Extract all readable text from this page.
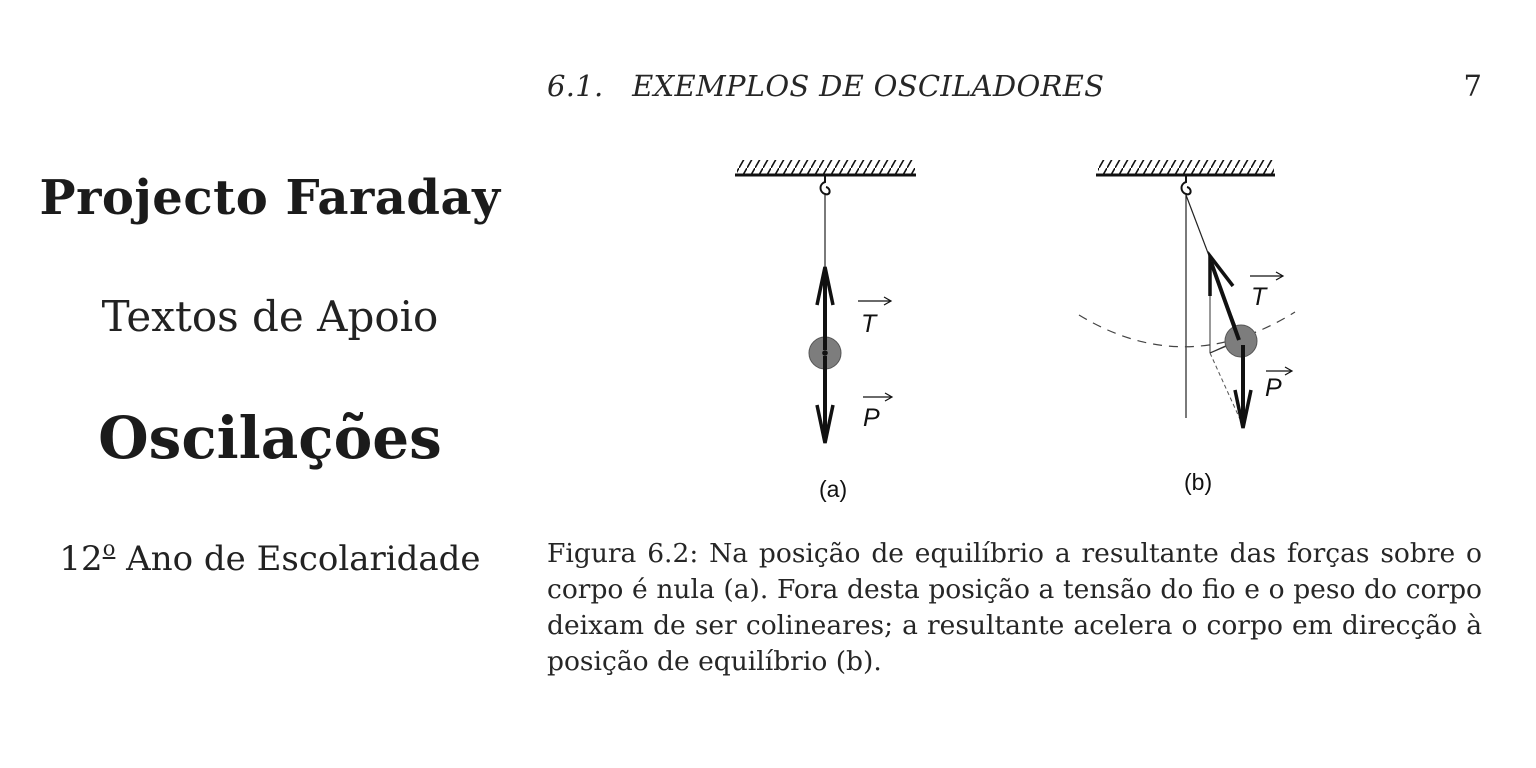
Projecto Faraday
Textos de Apoio
Oscilações
12$^o$ Ano de Escolaridade
6.1.   EXEMPLOS DE OSCILADORES	7
T
P
(a)
T
P
(b)
Figura 6.2: Na posição de equilíbrio a resultante das forças sobre o corpo é nula (a). Fora desta posição a tensão do fio e o peso do corpo deixam de ser colineares; a resultante acelera o corpo em direcção à posição de equilíbrio (b).
